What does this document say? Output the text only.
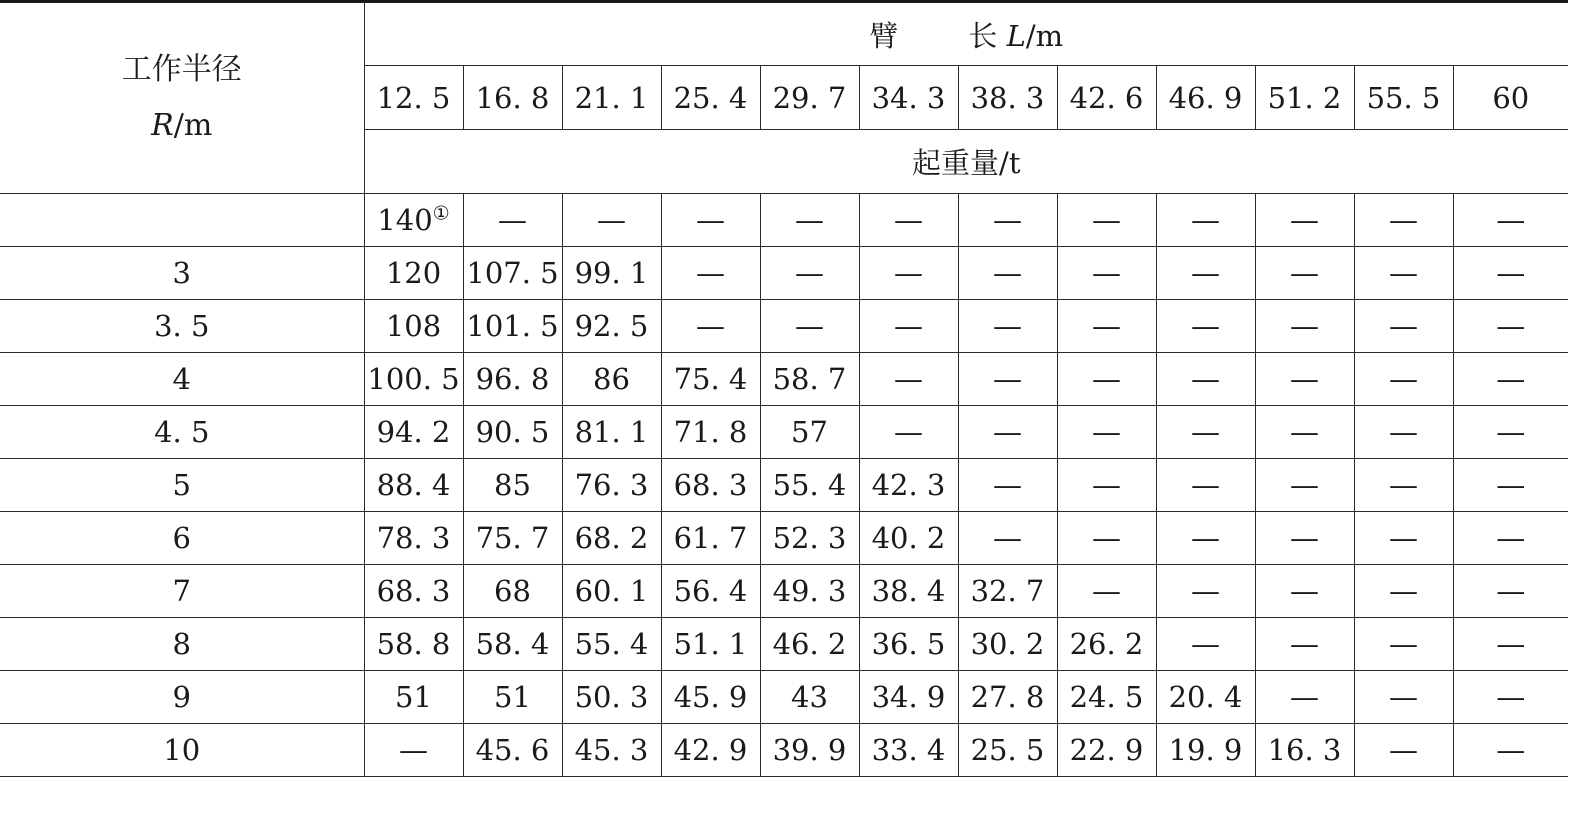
工作半径
R/m	臂 长 L/m											
	12. 5	16. 8	21. 1	25. 4	29. 7	34. 3	38. 3	42. 6	46. 9	51. 2	55. 5	60
	起重量/t											
	140①	—	—	—	—	—	—	—	—	—	—	—
3	120	107. 5	99. 1	—	—	—	—	—	—	—	—	—
3. 5	108	101. 5	92. 5	—	—	—	—	—	—	—	—	—
4	100. 5	96. 8	86	75. 4	58. 7	—	—	—	—	—	—	—
4. 5	94. 2	90. 5	81. 1	71. 8	57	—	—	—	—	—	—	—
5	88. 4	85	76. 3	68. 3	55. 4	42. 3	—	—	—	—	—	—
6	78. 3	75. 7	68. 2	61. 7	52. 3	40. 2	—	—	—	—	—	—
7	68. 3	68	60. 1	56. 4	49. 3	38. 4	32. 7	—	—	—	—	—
8	58. 8	58. 4	55. 4	51. 1	46. 2	36. 5	30. 2	26. 2	—	—	—	—
9	51	51	50. 3	45. 9	43	34. 9	27. 8	24. 5	20. 4	—	—	—
10	—	45. 6	45. 3	42. 9	39. 9	33. 4	25. 5	22. 9	19. 9	16. 3	—	—
